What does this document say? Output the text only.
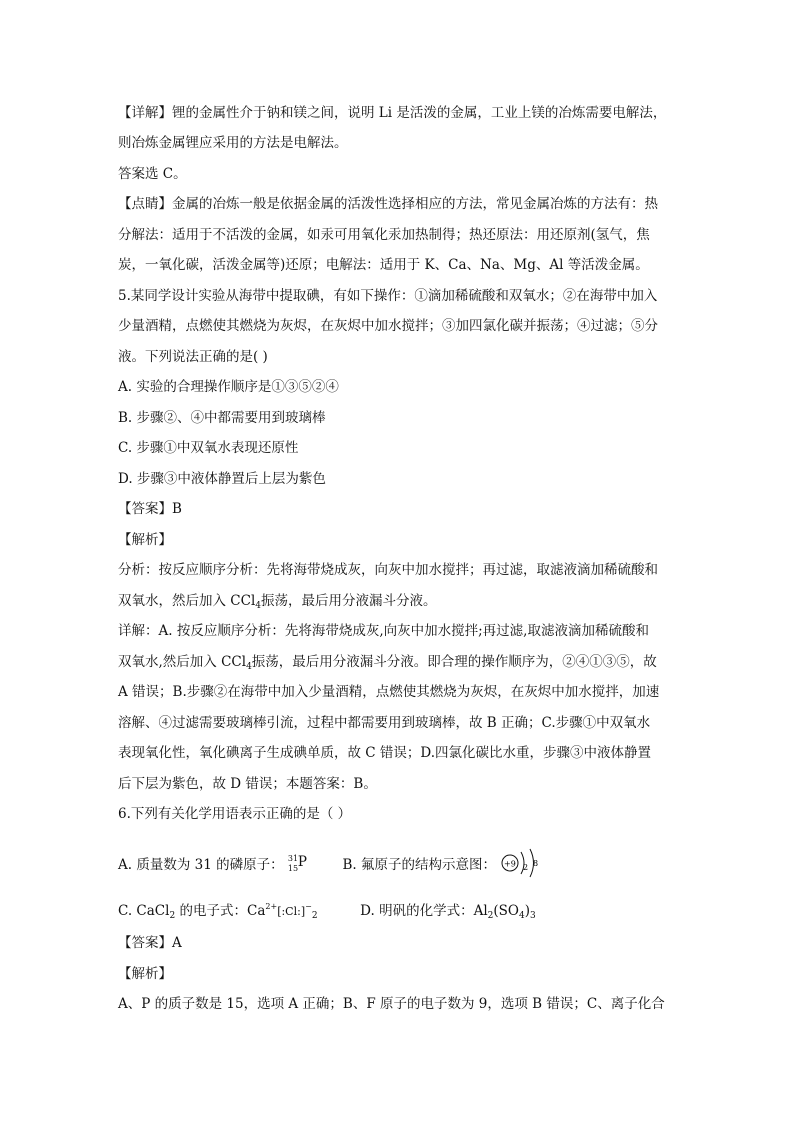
【详解】锂的金属性介于钠和镁之间，说明 Li 是活泼的金属，工业上镁的冶炼需要电解法，
则冶炼金属锂应采用的方法是电解法。
答案选 C。
【点睛】金属的冶炼一般是依据金属的活泼性选择相应的方法，常见金属冶炼的方法有：热
分解法：适用于不活泼的金属，如汞可用氧化汞加热制得；热还原法：用还原剂(氢气，焦
炭，一氧化碳，活泼金属等)还原；电解法：适用于 K、Ca、Na、Mg、Al 等活泼金属。
5.某同学设计实验从海带中提取碘，有如下操作：①滴加稀硫酸和双氧水；②在海带中加入
少量酒精，点燃使其燃烧为灰烬，在灰烬中加水搅拌；③加四氯化碳并振荡；④过滤；⑤分
液。下列说法正确的是( )
A. 实验的合理操作顺序是①③⑤②④
B. 步骤②、④中都需要用到玻璃棒
C. 步骤①中双氧水表现还原性
D. 步骤③中液体静置后上层为紫色
【答案】B
【解析】
分析：按反应顺序分析：先将海带烧成灰，向灰中加水搅拌；再过滤，取滤液滴加稀硫酸和
双氧水，然后加入 CCl$_4$振荡，最后用分液漏斗分液。
详解：A. 按反应顺序分析：先将海带烧成灰,向灰中加水搅拌;再过滤,取滤液滴加稀硫酸和
双氧水,然后加入 CCl$_4$振荡，最后用分液漏斗分液。即合理的操作顺序为，②④①③⑤，故
A 错误；B.步骤②在海带中加入少量酒精，点燃使其燃烧为灰烬，在灰烬中加水搅拌，加速
溶解、④过滤需要玻璃棒引流，过程中都需要用到玻璃棒，故 B 正确；C.步骤①中双氧水
表现氧化性，氧化碘离子生成碘单质，故 C 错误；D.四氯化碳比水重，步骤③中液体静置
后下层为紫色，故 D 错误；本题答案：B。
6.下列有关化学用语表示正确的是（ ）
A. 质量数为 31 的磷原子： 31
15 P	B. 氟原子的结构示意图： +9 2 8
C. CaCl$_2$ 的电子式：$Ca^{2+}[:Cl:]^-_2$	D. 明矾的化学式：$Al_2(SO_4)_3$
【答案】A
【解析】
A、P 的质子数是 15，选项 A 正确；B、F 原子的电子数为 9，选项 B 错误；C、离子化合
